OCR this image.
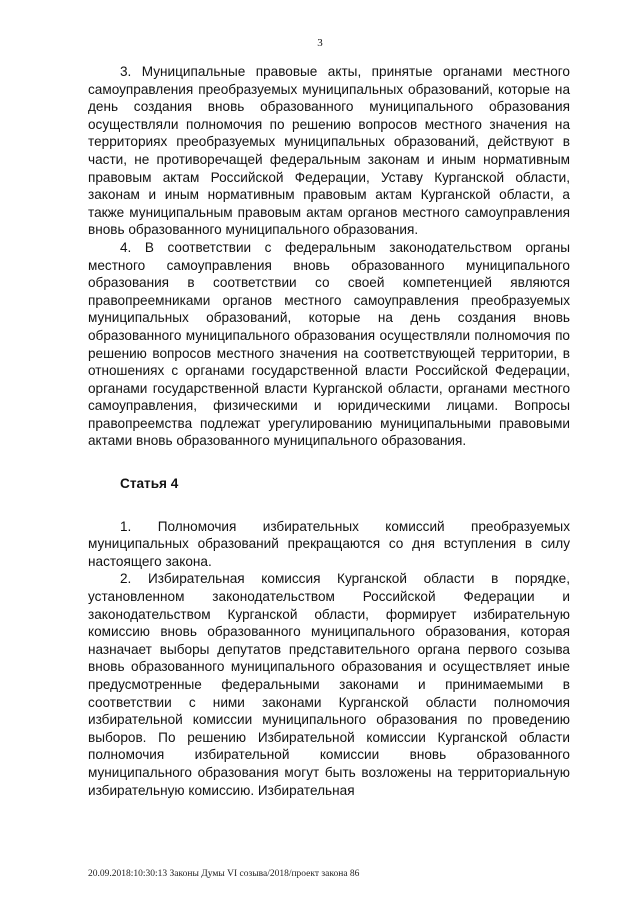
3

3. Муниципальные правовые акты, принятые органами местного самоуправления преобразуемых муниципальных образований, которые на день создания вновь образованного муниципального образования осуществляли полномочия по решению вопросов местного значения на территориях преобразуемых муниципальных образований, действуют в части, не противоречащей федеральным законам и иным нормативным правовым актам Российской Федерации, Уставу Курганской области, законам и иным нормативным правовым актам Курганской области, а также муниципальным правовым актам органов местного самоуправления вновь образованного муниципального образования.

4. В соответствии с федеральным законодательством органы местного самоуправления вновь образованного муниципального образования в соответствии со своей компетенцией являются правопреемниками органов местного самоуправления преобразуемых муниципальных образований, которые на день создания вновь образованного муниципального образования осуществляли полномочия по решению вопросов местного значения на соответствующей территории, в отношениях с органами государственной власти Российской Федерации, органами государственной власти Курганской области, органами местного самоуправления, физическими и юридическими лицами. Вопросы правопреемства подлежат урегулированию муниципальными правовыми актами вновь образованного муниципального образования.

Статья 4

1. Полномочия избирательных комиссий преобразуемых муниципальных образований прекращаются со дня вступления в силу настоящего закона.

2. Избирательная комиссия Курганской области в порядке, установленном законодательством Российской Федерации и законодательством Курганской области, формирует избирательную комиссию вновь образованного муниципального образования, которая назначает выборы депутатов представительного органа первого созыва вновь образованного муниципального образования и осуществляет иные предусмотренные федеральными законами и принимаемыми в соответствии с ними законами Курганской области полномочия избирательной комиссии муниципального образования по проведению выборов. По решению Избирательной комиссии Курганской области полномочия избирательной комиссии вновь образованного муниципального образования могут быть возложены на территориальную избирательную комиссию. Избирательная

20.09.2018:10:30:13 Законы Думы VI созыва/2018/проект закона 86
